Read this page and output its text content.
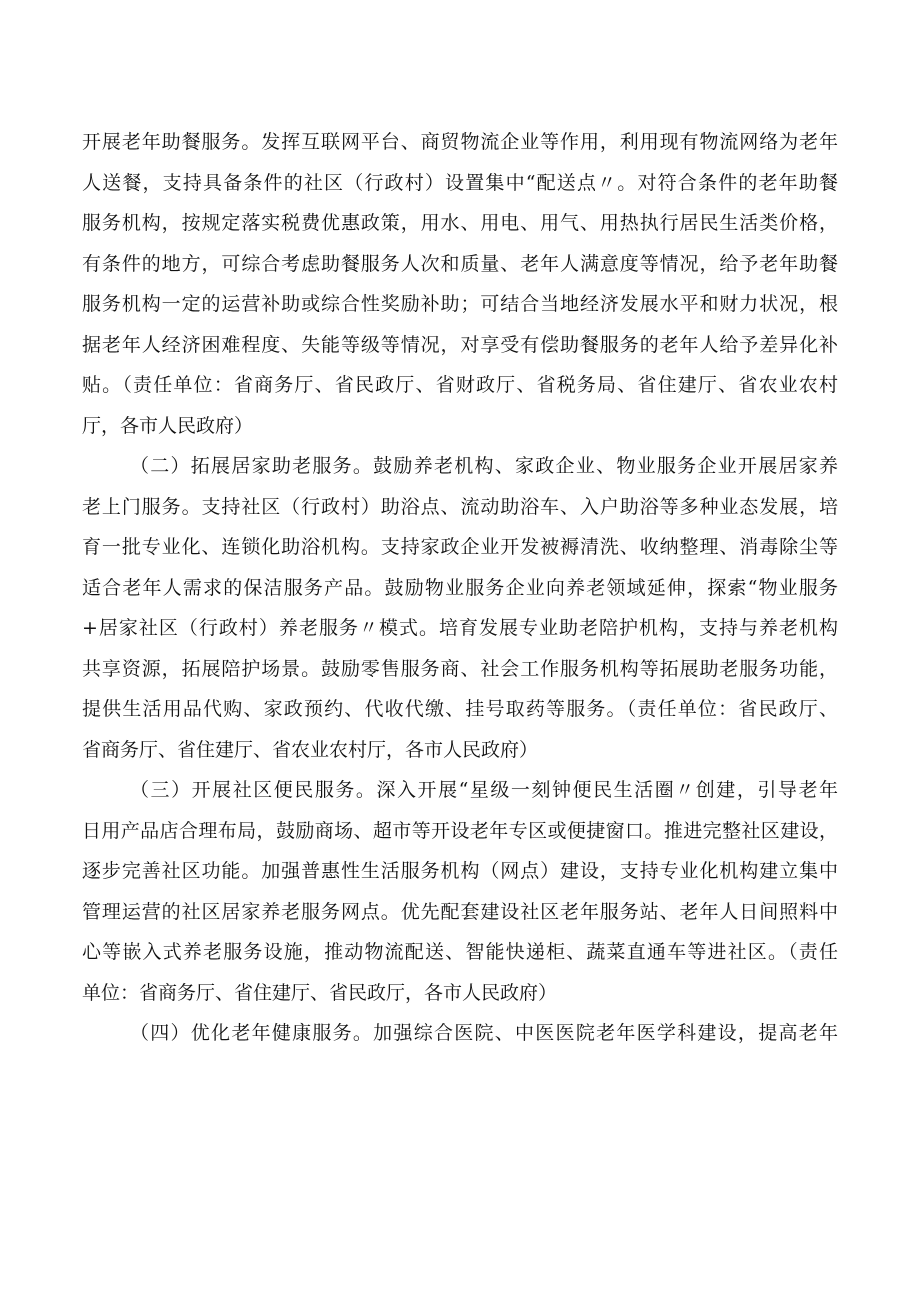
开展老年助餐服务。发挥互联网平台、商贸物流企业等作用，利用现有物流网络为老年
人送餐，支持具备条件的社区（行政村）设置集中“配送点〃。对符合条件的老年助餐
服务机构，按规定落实税费优惠政策，用水、用电、用气、用热执行居民生活类价格，
有条件的地方，可综合考虑助餐服务人次和质量、老年人满意度等情况，给予老年助餐
服务机构一定的运营补助或综合性奖励补助；可结合当地经济发展水平和财力状况，根
据老年人经济困难程度、失能等级等情况，对享受有偿助餐服务的老年人给予差异化补
贴。（责任单位：省商务厅、省民政厅、省财政厅、省税务局、省住建厅、省农业农村
厅，各市人民政府）
（二）拓展居家助老服务。鼓励养老机构、家政企业、物业服务企业开展居家养
老上门服务。支持社区（行政村）助浴点、流动助浴车、入户助浴等多种业态发展，培
育一批专业化、连锁化助浴机构。支持家政企业开发被褥清洗、收纳整理、消毒除尘等
适合老年人需求的保洁服务产品。鼓励物业服务企业向养老领域延伸，探索“物业服务
+居家社区（行政村）养老服务〃模式。培育发展专业助老陪护机构，支持与养老机构
共享资源，拓展陪护场景。鼓励零售服务商、社会工作服务机构等拓展助老服务功能，
提供生活用品代购、家政预约、代收代缴、挂号取药等服务。（责任单位：省民政厅、
省商务厅、省住建厅、省农业农村厅，各市人民政府）
（三）开展社区便民服务。深入开展“星级一刻钟便民生活圈〃创建，引导老年
日用产品店合理布局，鼓励商场、超市等开设老年专区或便捷窗口。推进完整社区建设，
逐步完善社区功能。加强普惠性生活服务机构（网点）建设，支持专业化机构建立集中
管理运营的社区居家养老服务网点。优先配套建设社区老年服务站、老年人日间照料中
心等嵌入式养老服务设施，推动物流配送、智能快递柜、蔬菜直通车等进社区。（责任
单位：省商务厅、省住建厅、省民政厅，各市人民政府）
（四）优化老年健康服务。加强综合医院、中医医院老年医学科建设，提高老年
